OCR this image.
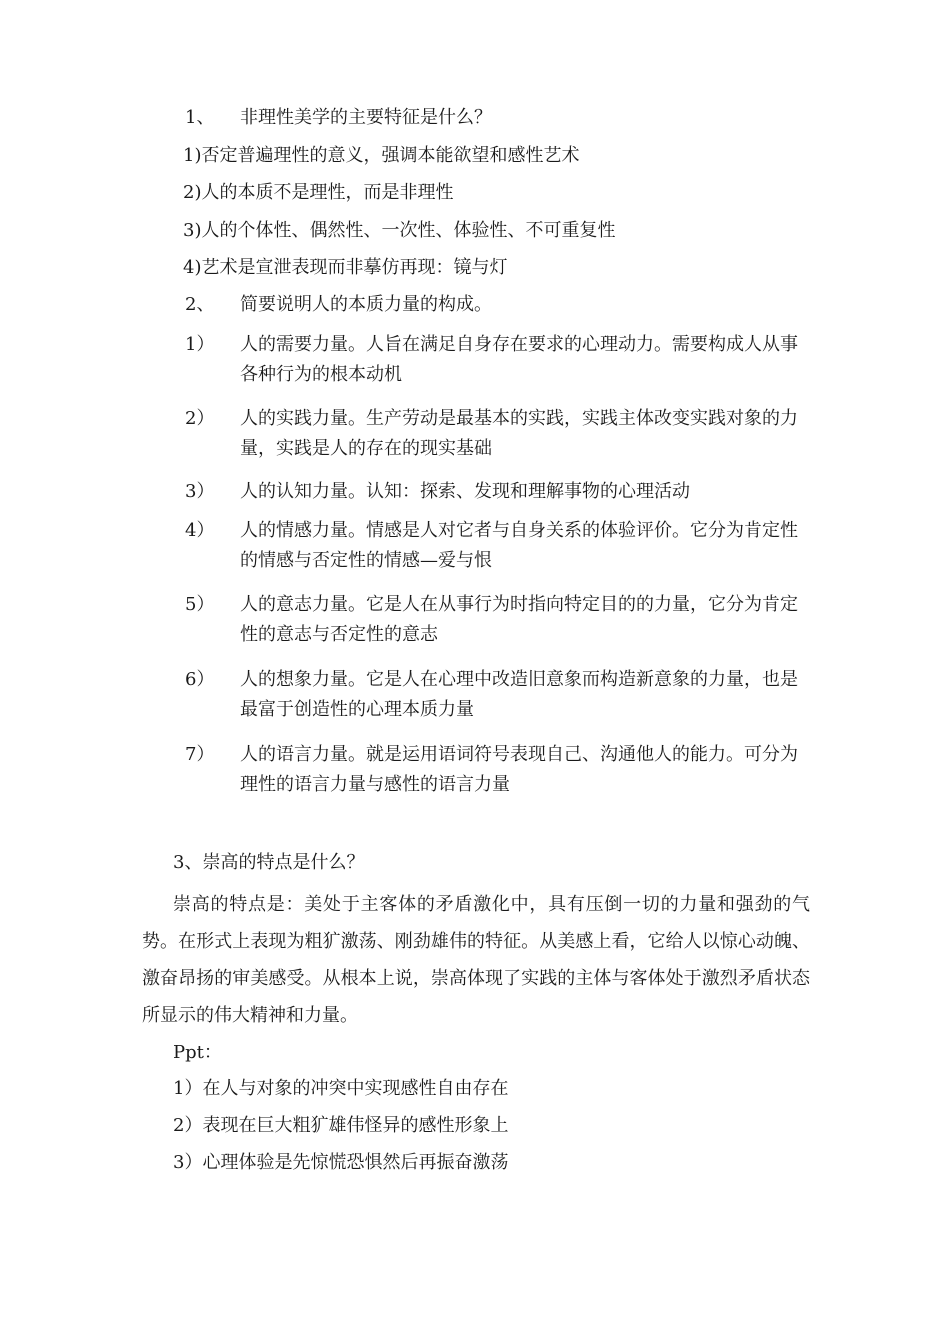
1、 非理性美学的主要特征是什么？
1)否定普遍理性的意义，强调本能欲望和感性艺术
2)人的本质不是理性，而是非理性
3)人的个体性、偶然性、一次性、体验性、不可重复性
4)艺术是宣泄表现而非摹仿再现：镜与灯
2、 简要说明人的本质力量的构成。
1） 人的需要力量。人旨在满足自身存在要求的心理动力。需要构成人从事各种行为的根本动机
2） 人的实践力量。生产劳动是最基本的实践，实践主体改变实践对象的力量，实践是人的存在的现实基础
3） 人的认知力量。认知：探索、发现和理解事物的心理活动
4） 人的情感力量。情感是人对它者与自身关系的体验评价。它分为肯定性的情感与否定性的情感—爱与恨
5） 人的意志力量。它是人在从事行为时指向特定目的的力量，它分为肯定性的意志与否定性的意志
6） 人的想象力量。它是人在心理中改造旧意象而构造新意象的力量，也是最富于创造性的心理本质力量
7） 人的语言力量。就是运用语词符号表现自己、沟通他人的能力。可分为理性的语言力量与感性的语言力量
3、崇高的特点是什么？
崇高的特点是：美处于主客体的矛盾激化中，具有压倒一切的力量和强劲的气势。在形式上表现为粗犷激荡、刚劲雄伟的特征。从美感上看，它给人以惊心动魄、激奋昂扬的审美感受。从根本上说，崇高体现了实践的主体与客体处于激烈矛盾状态所显示的伟大精神和力量。
Ppt：
1）在人与对象的冲突中实现感性自由存在
2）表现在巨大粗犷雄伟怪异的感性形象上
3）心理体验是先惊慌恐惧然后再振奋激荡
